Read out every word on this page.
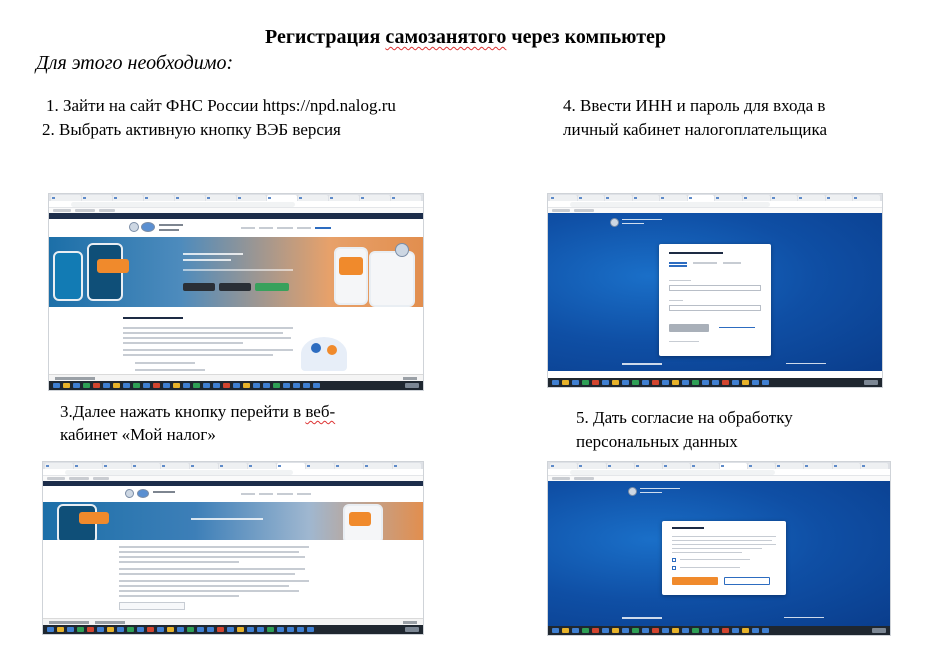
Регистрация самозанятого через компьютер
Для этого необходимо:
1. Зайти на сайт ФНС России https://npd.nalog.ru
2. Выбрать активную кнопку ВЭБ версия
4. Ввести ИНН и пароль для входа в
личный кабинет налогоплательщика
3.Далее нажать кнопку перейти в веб-
кабинет «Мой налог»
5. Дать согласие на обработку
персональных данных
